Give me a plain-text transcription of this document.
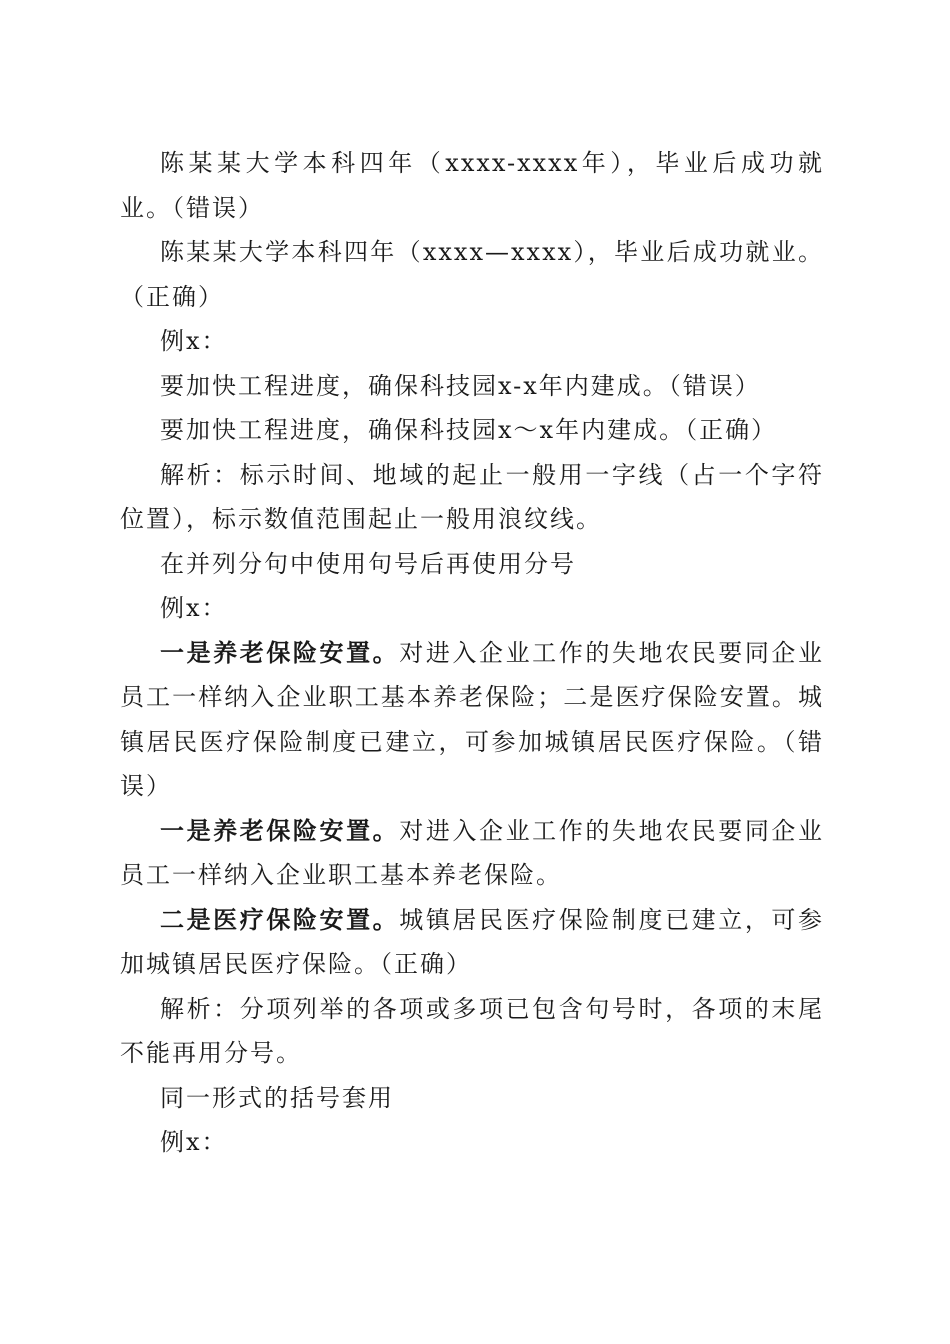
陈某某大学本科四年（xxxx-xxxx年），毕业后成功就业。（错误）

陈某某大学本科四年（xxxx—xxxx），毕业后成功就业。（正确）

例x：

要加快工程进度，确保科技园x-x年内建成。（错误）

要加快工程进度，确保科技园x～x年内建成。（正确）

解析：标示时间、地域的起止一般用一字线（占一个字符位置），标示数值范围起止一般用浪纹线。

在并列分句中使用句号后再使用分号

例x：

一是养老保险安置。对进入企业工作的失地农民要同企业员工一样纳入企业职工基本养老保险；二是医疗保险安置。城镇居民医疗保险制度已建立，可参加城镇居民医疗保险。（错误）

一是养老保险安置。对进入企业工作的失地农民要同企业员工一样纳入企业职工基本养老保险。

二是医疗保险安置。城镇居民医疗保险制度已建立，可参加城镇居民医疗保险。（正确）

解析：分项列举的各项或多项已包含句号时，各项的末尾不能再用分号。

同一形式的括号套用

例x：
